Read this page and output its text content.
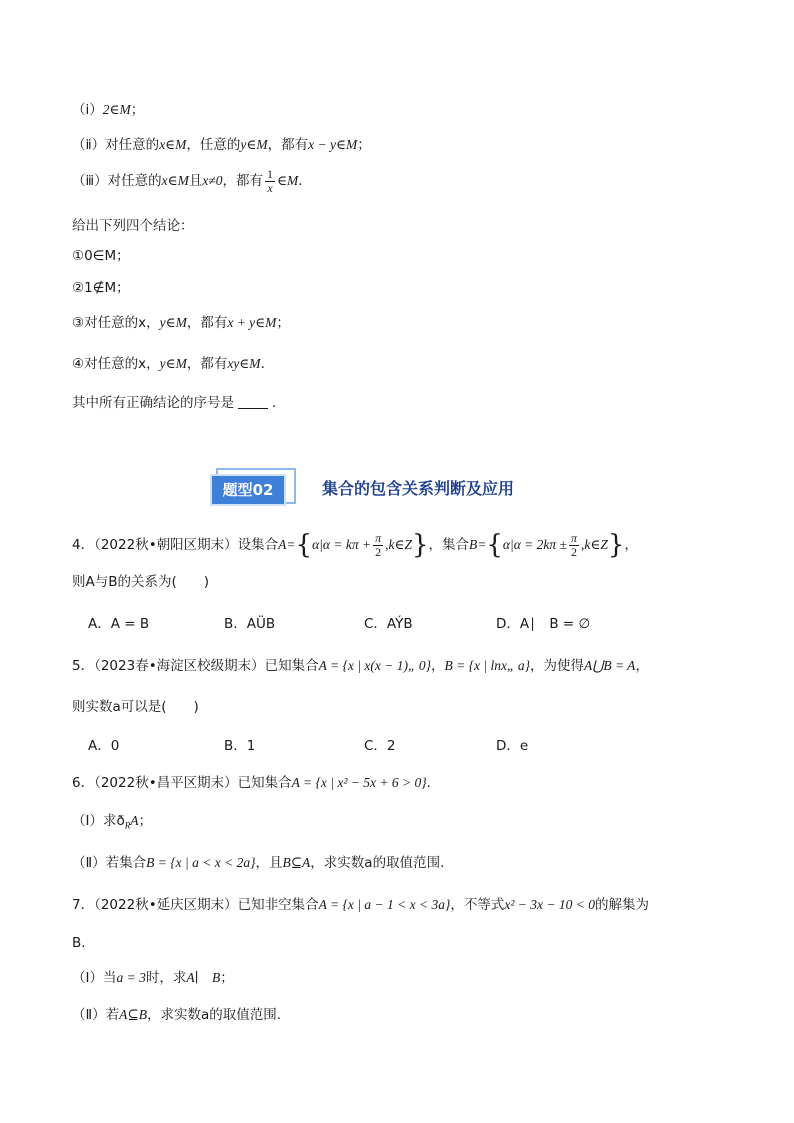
（ⅰ）2∈M；
（ⅱ）对任意的x∈M，任意的y∈M，都有x − y∈M；
（ⅲ）对任意的x∈M且x≠0，都有 $\frac{1}{x}$ ∈M．
给出下列四个结论：
①0∈M；
②1∉M；
③对任意的x，y∈M，都有x + y∈M；
④对任意的x，y∈M，都有xy∈M．
其中所有正确结论的序号是	．
题型02	集合的包含关系判断及应用
4．（2022秋•朝阳区期末）设集合$A=\{\alpha|\alpha = k\pi + \frac{\pi}{2}$ ,k∈Z}，集合$B=\{\alpha|\alpha = 2k\pi \pm \frac{\pi}{2}$ ,k∈Z}，
则A与B的关系为(　　)
A．A = B	B．AÜB	C．AÝB	D．A∣　B = ∅
5．（2023春•海淀区校级期末）已知集合A = {x | x(x − 1)„ 0}，B = {x | lnx„ a}，为使得A⋃B = A，
则实数a可以是(　　)
A．0	B．1	C．2	D．e
6．（2022秋•昌平区期末）已知集合A = {x | x² − 5x + 6 > 0}．
（Ⅰ）求$ð_RA$；
（Ⅱ）若集合B = {x | a < x < 2a}，且B⊆A，求实数a的取值范围．
7．（2022秋•延庆区期末）已知非空集合A = {x | a − 1 < x < 3a}，不等式x² − 3x − 10 < 0的解集为
B．
（Ⅰ）当a = 3时，求A∣　B；
（Ⅱ）若A⊆B，求实数a的取值范围．
